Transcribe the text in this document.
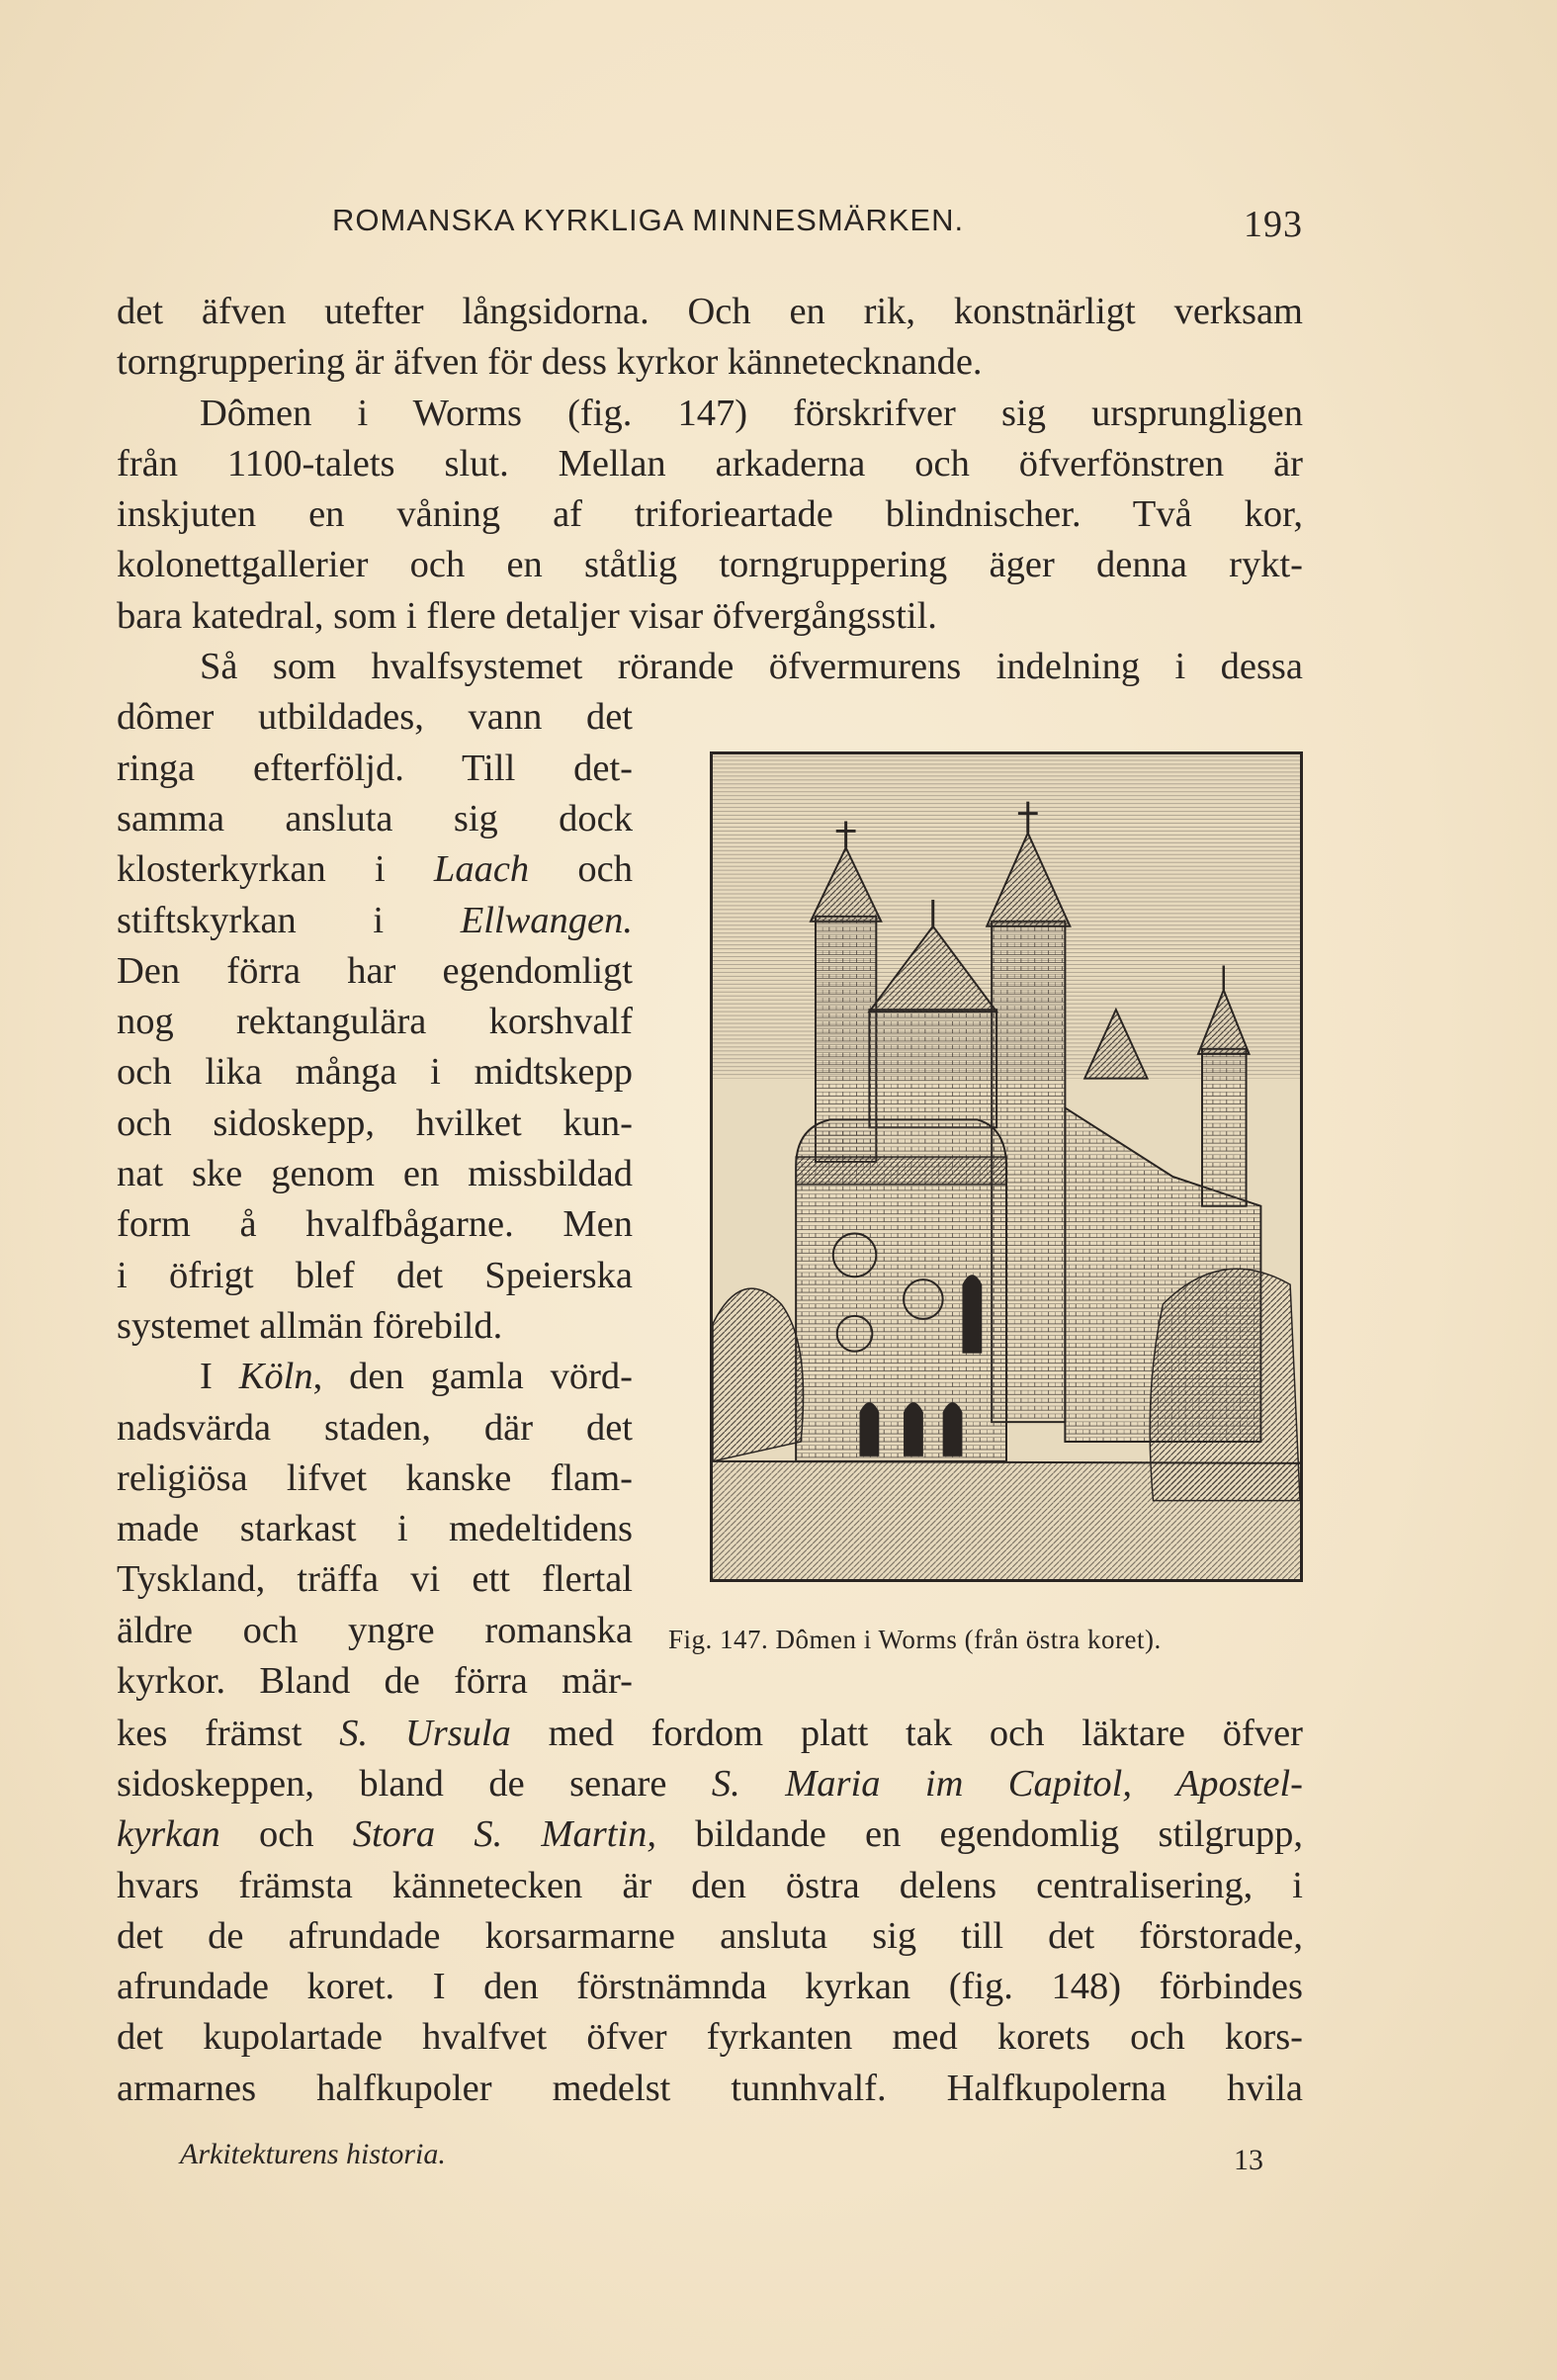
ROMANSKA KYRKLIGA MINNESMÄRKEN.	193
det äfven utefter långsidorna. Och en rik, konstnärligt verksam
torngruppering är äfven för dess kyrkor kännetecknande.
Dômen i Worms (fig. 147) förskrifver sig ursprungligen
från 1100-talets slut. Mellan arkaderna och öfverfönstren är
inskjuten en våning af triforieartade blindnischer. Två kor,
kolonettgallerier och en ståtlig torngruppering äger denna rykt-
bara katedral, som i flere detaljer visar öfvergångsstil.
Så som hvalfsystemet rörande öfvermurens indelning i dessa
dômer utbildades, vann det
ringa efterföljd. Till det-
samma ansluta sig dock
klosterkyrkan i Laach och
stiftskyrkan i Ellwangen.
Den förra har egendomligt
nog rektangulära korshvalf
och lika många i midtskepp
och sidoskepp, hvilket kun-
nat ske genom en missbildad
form å hvalfbågarne. Men
i öfrigt blef det Speierska
systemet allmän förebild.
I Köln, den gamla vörd-
nadsvärda staden, där det
religiösa lifvet kanske flam-
made starkast i medeltidens
Tyskland, träffa vi ett flertal
äldre och yngre romanska
kyrkor. Bland de förra mär-
Fig. 147. Dômen i Worms (från östra koret).
kes främst S. Ursula med fordom platt tak och läktare öfver
sidoskeppen, bland de senare S. Maria im Capitol, Apostel-
kyrkan och Stora S. Martin, bildande en egendomlig stilgrupp,
hvars främsta kännetecken är den östra delens centralisering, i
det de afrundade korsarmarne ansluta sig till det förstorade,
afrundade koret. I den förstnämnda kyrkan (fig. 148) förbindes
det kupolartade hvalfvet öfver fyrkanten med korets och kors-
armarnes halfkupoler medelst tunnhvalf. Halfkupolerna hvila
Arkitekturens historia.	13
